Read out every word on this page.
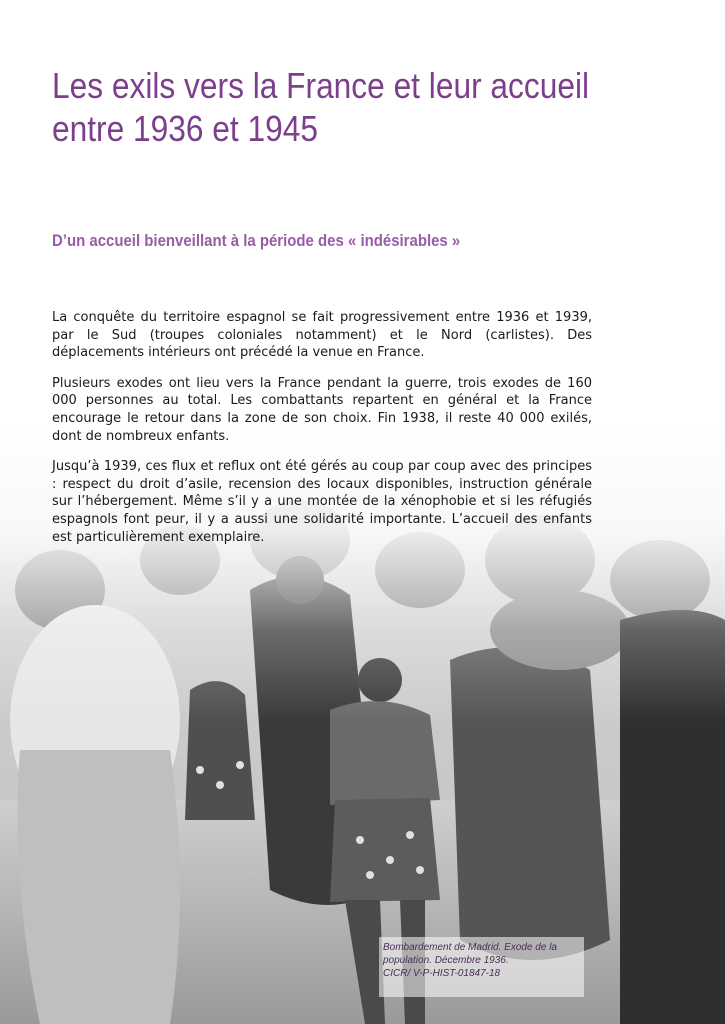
Les exils vers la France et leur accueil entre 1936 et 1945
D’un accueil bienveillant à la période des « indésirables »

La conquête du territoire espagnol se fait progressivement entre 1936 et 1939, par le Sud (troupes coloniales notamment) et le Nord (carlistes). Des déplacements intérieurs ont précédé la venue en France.

Plusieurs exodes ont lieu vers la France pendant la guerre, trois exodes de 160 000 personnes au total. Les combattants repartent en général et la France encourage le retour dans la zone de son choix. Fin 1938, il reste 40 000 exilés, dont de nombreux enfants.

Jusqu’à 1939, ces flux et reflux ont été gérés au coup par coup avec des principes : respect du droit d’asile, recension des locaux disponibles, instruction générale sur l’hébergement. Même s’il y a une montée de la xénophobie et si les réfugiés espagnols font peur, il y a aussi une solidarité importante. L’accueil des enfants est particulièrement exemplaire.

Bombardement de Madrid. Exode de la
population. Décembre 1936.
CICR/ V-P-HIST-01847-18
